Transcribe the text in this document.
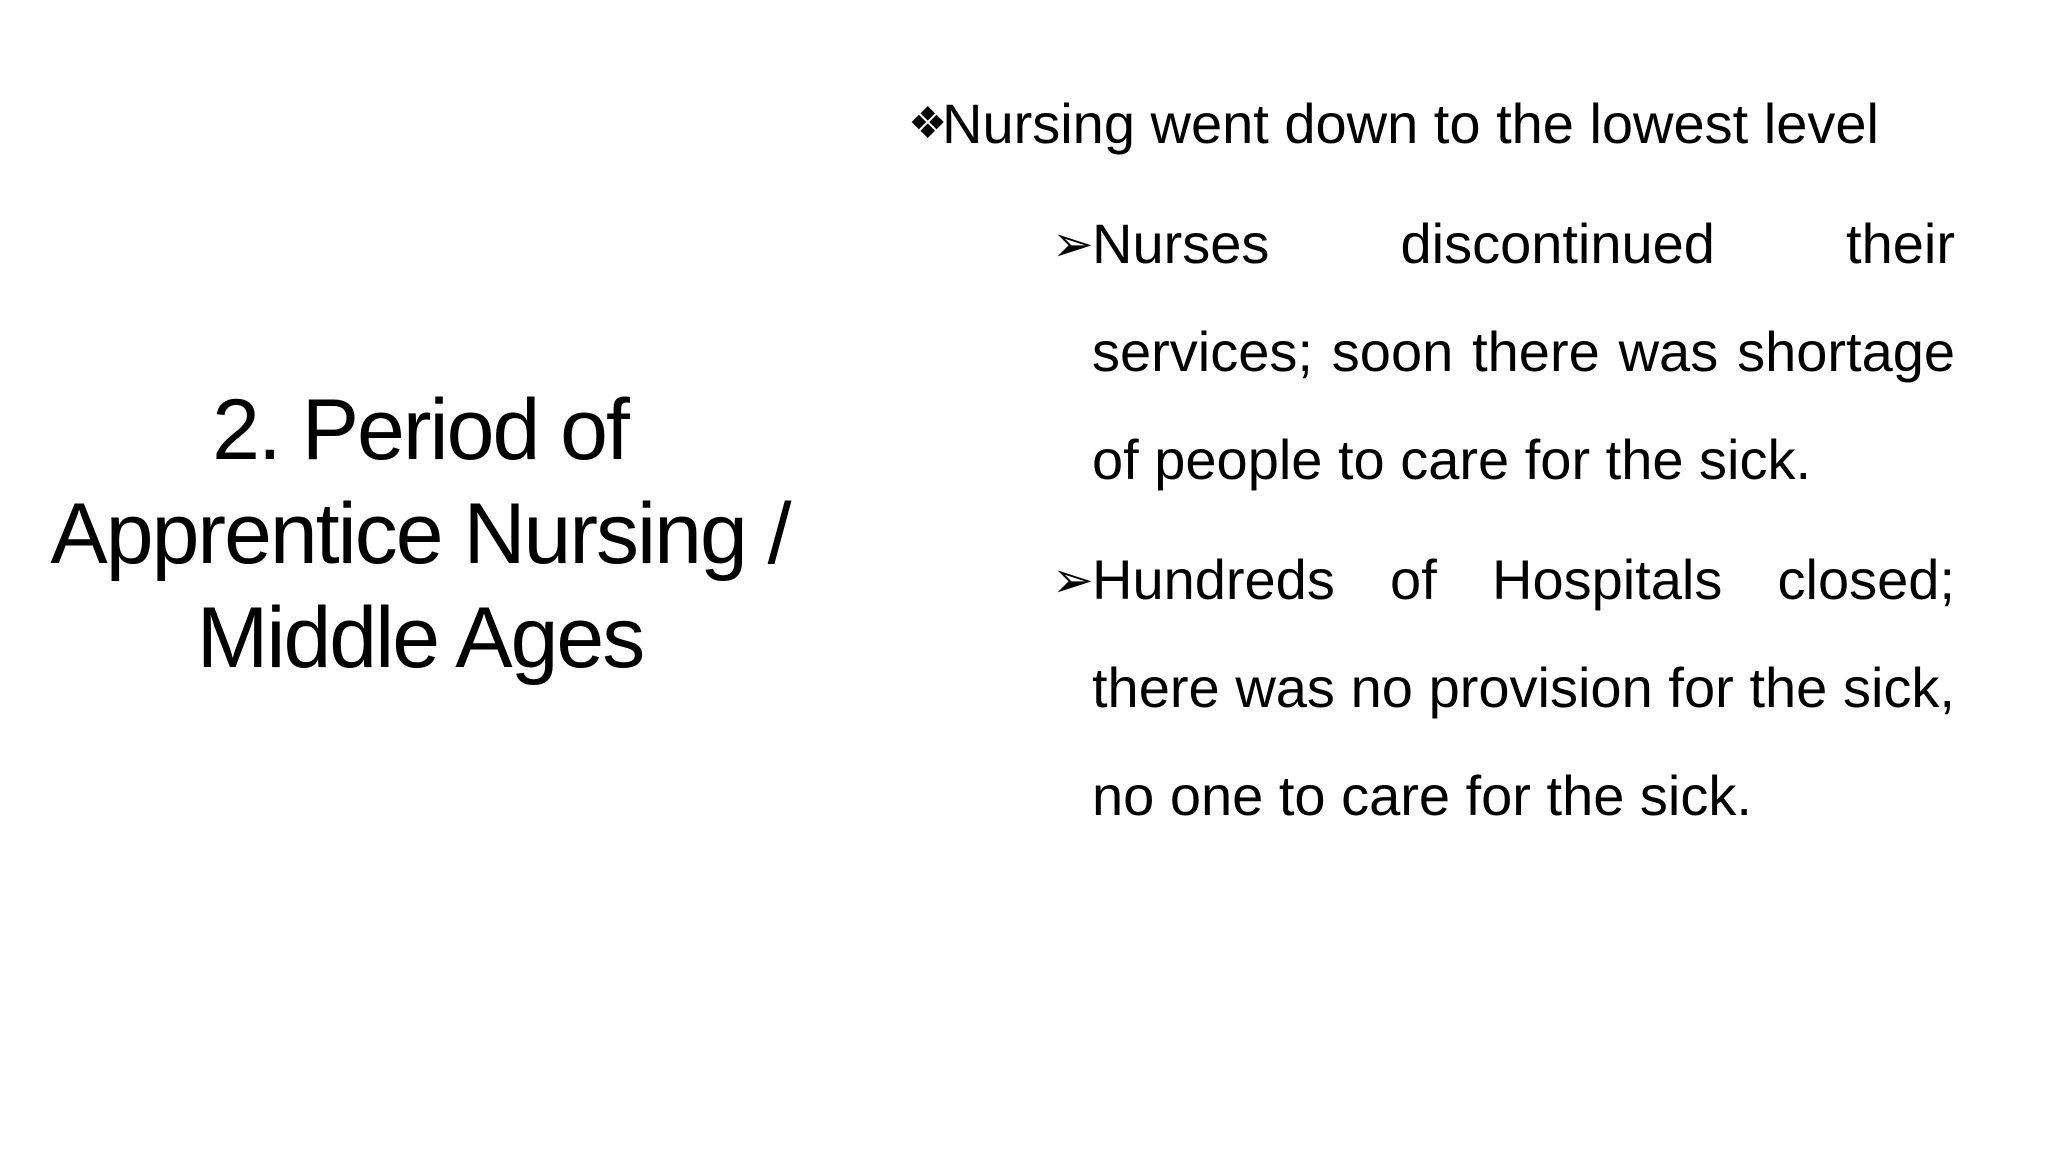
2. Period of
Apprentice Nursing /
Middle Ages

❖
Nursing went down to the lowest level

➢
Nurses discontinued their services; soon there was shortage of people to care for the sick.

➢
Hundreds of Hospitals closed; there was no provision for the sick, no one to care for the sick.
